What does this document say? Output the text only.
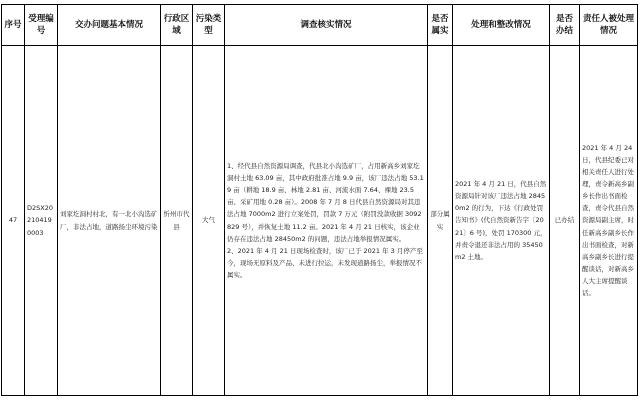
序号	受理编号	交办问题基本情况	行政区域	污染类型	调查核实情况	是否属实	处理和整改情况	是否办结	责任人被处理情况
47	D2SX202104190003	刘家圪洞村村北，有一北小沟选矿厂，非法占地，道路扬尘环境污染	忻州市代县	大气	1、经代县自然资源局调查，代县北小沟选矿厂，占用新高乡刘家圪洞村土地 63.09 亩，其中政府批准占地 9.9 亩，该厂违法占地 53.19 亩（耕地 18.9 亩、林地 2.81 亩、河流水面 7.64、裸地 23.5 亩、采矿用地 0.28 亩）。2008 年 7 月 8 日代县自然资源局对其违法占地 7000m2 进行立案处罚，罚款 7 万元（附罚没款收据 3092829 号），并恢复土地 11.2 亩。2021 年 4 月 21 日核实，该企业仍存在违法占地 28450m2 的问题，违法占地举报情况属实。
2、2021 年 4 月 21 日现场检查时，该厂已于 2021 年 3 月停产至今，现场无原料及产品、未进行拉运，未发现道路扬尘，举报情况不属实。	部分属实	2021 年 4 月 21 日，代县自然资源局针对该厂违法占地 28450m2 的行为，下达《行政处罚告知书》(代自然资新告字〔2021〕6 号)，处罚 170300 元，并责令退还非法占用的 35450m2 土地。	已办结	2021 年 4 月 24 日，代县纪委已对相关责任人进行处理，责令新高乡副乡长作出书面检查，责令代县自然资源局副主席，时任新高乡副乡长作出书面检查，对新高乡副乡长进行提醒谈话，对新高乡人大主席提醒谈话。
